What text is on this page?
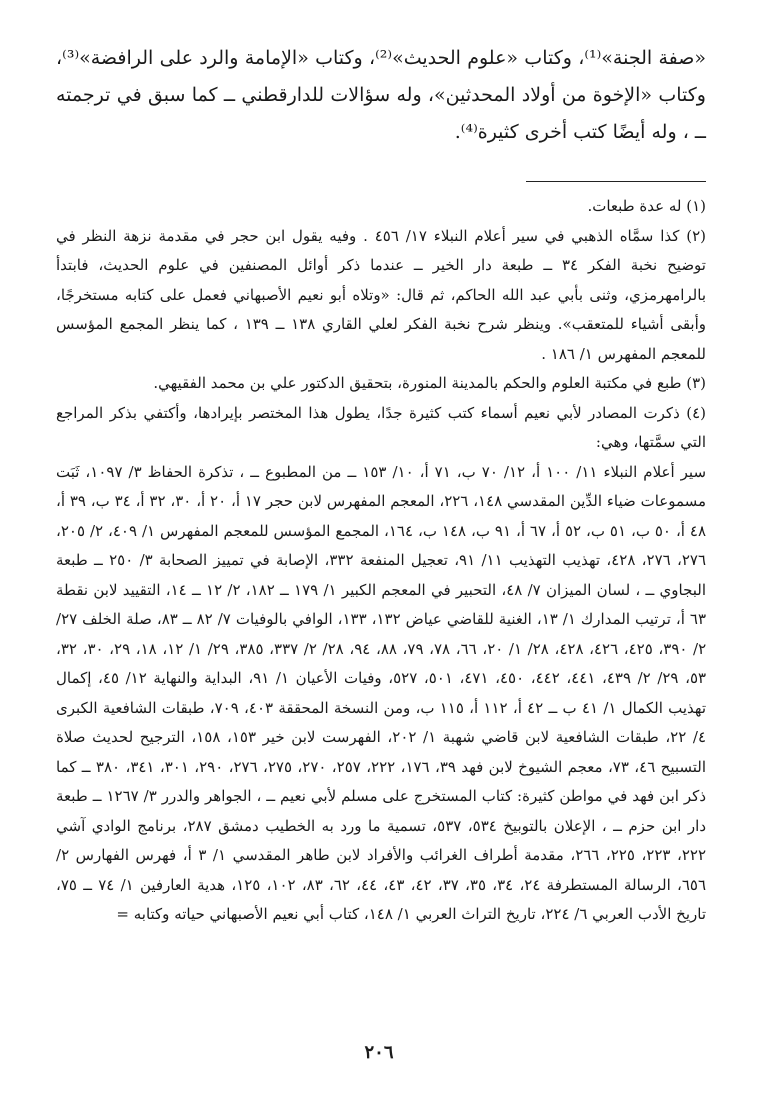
«صفة الجنة»⁽¹⁾، وكتاب «علوم الحديث»⁽²⁾، وكتاب «الإمامة والرد على الرافضة»⁽³⁾، وكتاب «الإخوة من أولاد المحدثين»، وله سؤالات للدارقطني ــ كما سبق في ترجمته ــ ، وله أيضًا كتب أخرى كثيرة⁽⁴⁾.

(١) له عدة طبعات.

(٢) كذا سمَّاه الذهبي في سير أعلام النبلاء ١٧/ ٤٥٦ . وفيه يقول ابن حجر في مقدمة نزهة النظر في توضيح نخبة الفكر ٣٤ ــ طبعة دار الخير ــ عندما ذكر أوائل المصنفين في علوم الحديث، فابتدأ بالرامهرمزي، وثنى بأبي عبد الله الحاكم، ثم قال: «وتلاه أبو نعيم الأصبهاني فعمل على كتابه مستخرجًا، وأبقى أشياء للمتعقب». وينظر شرح نخبة الفكر لعلي القاري ١٣٨ ــ ١٣٩ ، كما ينظر المجمع المؤسس للمعجم المفهرس ١/ ١٨٦ .

(٣) طبع في مكتبة العلوم والحكم بالمدينة المنورة، بتحقيق الدكتور علي بن محمد الفقيهي.

(٤) ذكرت المصادر لأبي نعيم أسماء كتب كثيرة جدًا، يطول هذا المختصر بإيرادها، وأكتفي بذكر المراجع التي سمَّتها، وهي:

سير أعلام النبلاء ١١/ ١٠٠ أ، ١٢/ ٧٠ ب، ٧١ أ، ١٠/ ١٥٣ ــ من المطبوع ــ ، تذكرة الحفاظ ٣/ ١٠٩٧، ثَبَت مسموعات ضياء الدِّين المقدسي ١٤٨، ٢٢٦، المعجم المفهرس لابن حجر ١٧ أ، ٢٠ أ، ٣٠، ٣٢ أ، ٣٤ ب، ٣٩ أ، ٤٨ أ، ٥٠ ب، ٥١ ب، ٥٢ أ، ٦٧ أ، ٩١ ب، ١٤٨ ب، ١٦٤، المجمع المؤسس للمعجم المفهرس ١/ ٤٠٩، ٢/ ٢٠٥، ٢٧٦، ٢٧٦، ٤٢٨، تهذيب التهذيب ١١/ ٩١، تعجيل المنفعة ٣٣٢، الإصابة في تمييز الصحابة ٣/ ٢٥٠ ــ طبعة البجاوي ــ ، لسان الميزان ٧/ ٤٨، التحبير في المعجم الكبير ١/ ١٧٩ ــ ١٨٢، ٢/ ١٢ ــ ١٤، التقييد لابن نقطة ٦٣ أ، ترتيب المدارك ١/ ١٣، الغنية للقاضي عياض ١٣٢، ١٣٣، الوافي بالوفيات ٧/ ٨٢ ــ ٨٣، صلة الخلف ٢٧/ ٢/ ٣٩٠، ٤٢٥، ٤٢٦، ٤٢٨، ٢٨/ ١/ ٢٠، ٦٦، ٧٨، ٧٩، ٨٨، ٩٤، ٢٨/ ٢/ ٣٣٧، ٣٨٥، ٢٩/ ١/ ١٢، ١٨، ٢٩، ٣٠، ٣٢، ٥٣، ٢٩/ ٢/ ٤٣٩، ٤٤١، ٤٤٢، ٤٥٠، ٤٧١، ٥٠١، ٥٢٧، وفيات الأعيان ١/ ٩١، البداية والنهاية ١٢/ ٤٥، إكمال تهذيب الكمال ١/ ٤١ ب ــ ٤٢ أ، ١١٢ أ، ١١٥ ب، ومن النسخة المحققة ٤٠٣، ٧٠٩، طبقات الشافعية الكبرى ٤/ ٢٢، طبقات الشافعية لابن قاضي شهبة ١/ ٢٠٢، الفهرست لابن خير ١٥٣، ١٥٨، الترجيح لحديث صلاة التسبيح ٤٦، ٧٣، معجم الشيوخ لابن فهد ٣٩، ١٧٦، ٢٢٢، ٢٥٧، ٢٧٠، ٢٧٥، ٢٧٦، ٢٩٠، ٣٠١، ٣٤١، ٣٨٠ ــ كما ذكر ابن فهد في مواطن كثيرة: كتاب المستخرج على مسلم لأبي نعيم ــ ، الجواهر والدرر ٣/ ١٢٦٧ ــ طبعة دار ابن حزم ــ ، الإعلان بالتوبيخ ٥٣٤، ٥٣٧، تسمية ما ورد به الخطيب دمشق ٢٨٧، برنامج الوادي آشي ٢٢٢، ٢٢٣، ٢٢٥، ٢٦٦، مقدمة أطراف الغرائب والأفراد لابن طاهر المقدسي ١/ ٣ أ، فهرس الفهارس ٢/ ٦٥٦، الرسالة المستطرفة ٢٤، ٣٤، ٣٥، ٣٧، ٤٢، ٤٣، ٤٤، ٦٢، ٨٣، ١٠٢، ١٢٥، هدية العارفين ١/ ٧٤ ــ ٧٥، تاريخ الأدب العربي ٦/ ٢٢٤، تاريخ التراث العربي ١/ ١٤٨، كتاب أبي نعيم الأصبهاني حياته وكتابه =

٢٠٦
